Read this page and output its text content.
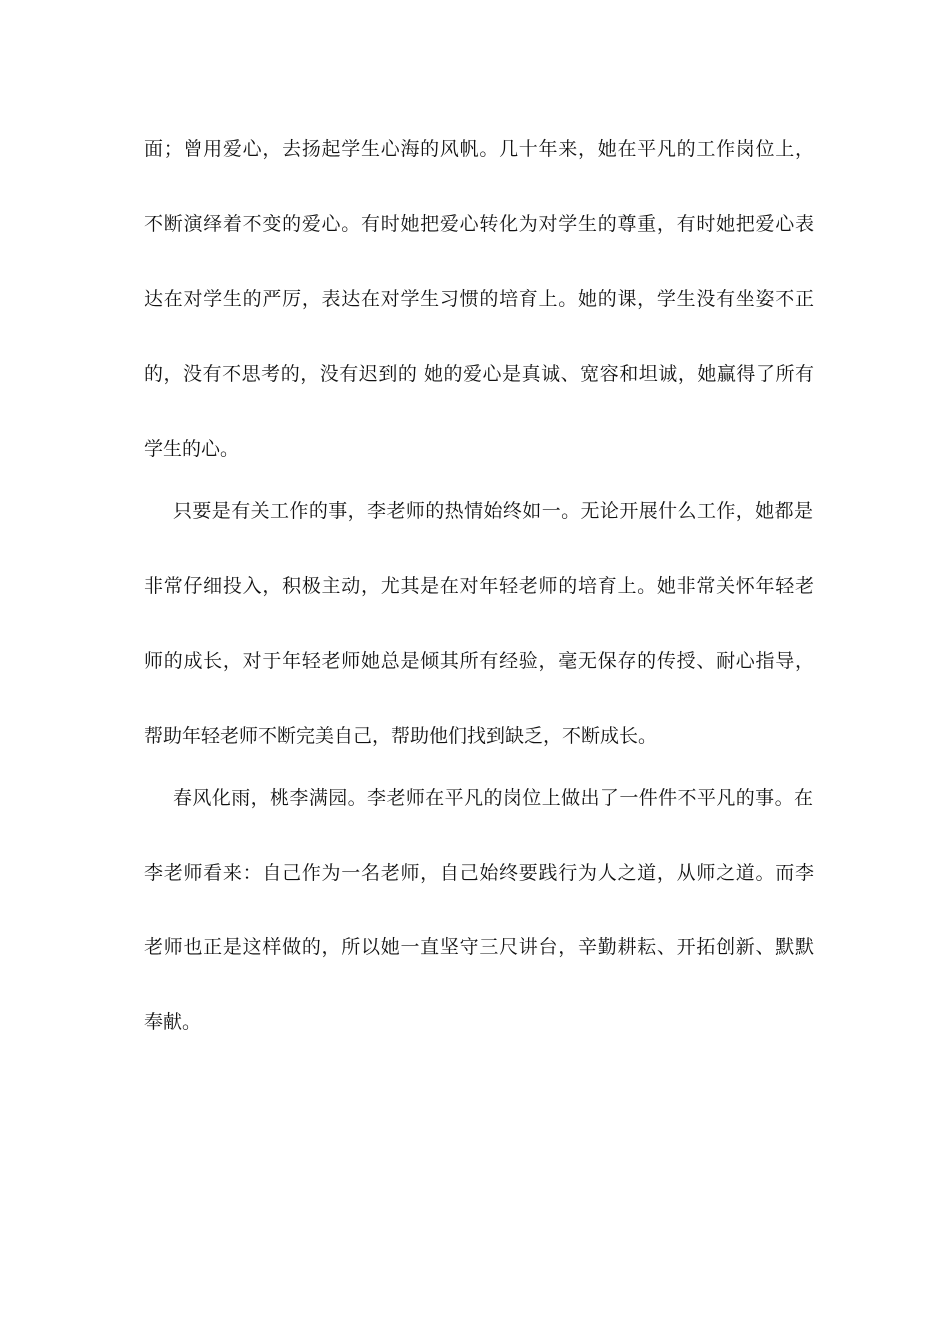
面；曾用爱心，去扬起学生心海的风帆。几十年来，她在平凡的工作岗位上，
不断演绎着不变的爱心。有时她把爱心转化为对学生的尊重，有时她把爱心表
达在对学生的严厉，表达在对学生习惯的培育上。她的课，学生没有坐姿不正
的，没有不思考的，没有迟到的 她的爱心是真诚、宽容和坦诚，她赢得了所有
学生的心。
只要是有关工作的事，李老师的热情始终如一。无论开展什么工作，她都是
非常仔细投入，积极主动，尤其是在对年轻老师的培育上。她非常关怀年轻老
师的成长，对于年轻老师她总是倾其所有经验，毫无保存的传授、耐心指导，
帮助年轻老师不断完美自己，帮助他们找到缺乏，不断成长。
春风化雨，桃李满园。李老师在平凡的岗位上做出了一件件不平凡的事。在
李老师看来：自己作为一名老师，自己始终要践行为人之道，从师之道。而李
老师也正是这样做的，所以她一直坚守三尺讲台，辛勤耕耘、开拓创新、默默
奉献。
